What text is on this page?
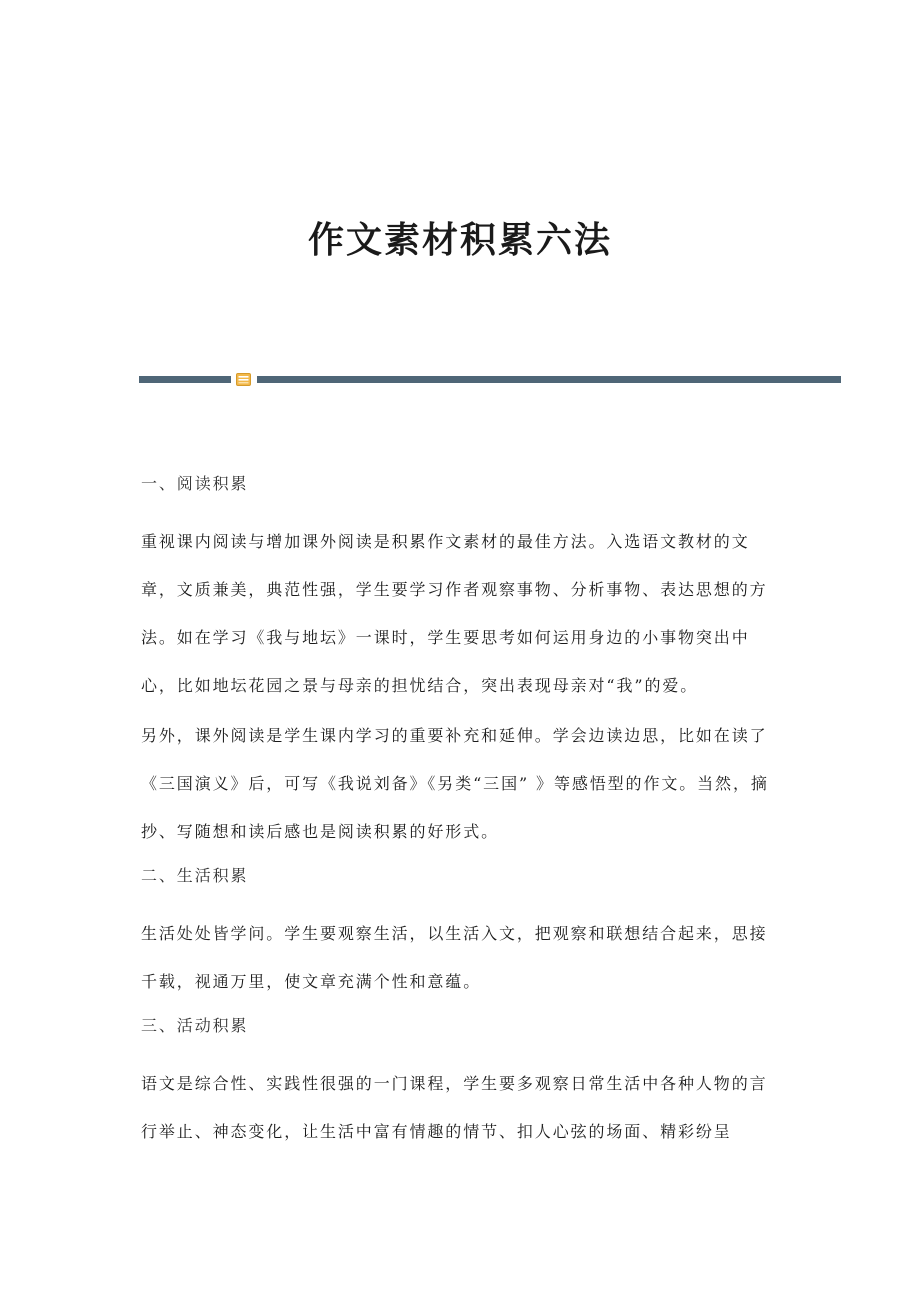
作文素材积累六法
一、阅读积累
重视课内阅读与增加课外阅读是积累作文素材的最佳方法。入选语文教材的文章，文质兼美，典范性强，学生要学习作者观察事物、分析事物、表达思想的方法。如在学习《我与地坛》一课时，学生要思考如何运用身边的小事物突出中心，比如地坛花园之景与母亲的担忧结合，突出表现母亲对“我”的爱。
另外，课外阅读是学生课内学习的重要补充和延伸。学会边读边思，比如在读了《三国演义》后，可写《我说刘备》《另类“三国” 》等感悟型的作文。当然，摘抄、写随想和读后感也是阅读积累的好形式。
二、生活积累
生活处处皆学问。学生要观察生活，以生活入文，把观察和联想结合起来，思接千载，视通万里，使文章充满个性和意蕴。
三、活动积累
语文是综合性、实践性很强的一门课程，学生要多观察日常生活中各种人物的言行举止、神态变化，让生活中富有情趣的情节、扣人心弦的场面、精彩纷呈
